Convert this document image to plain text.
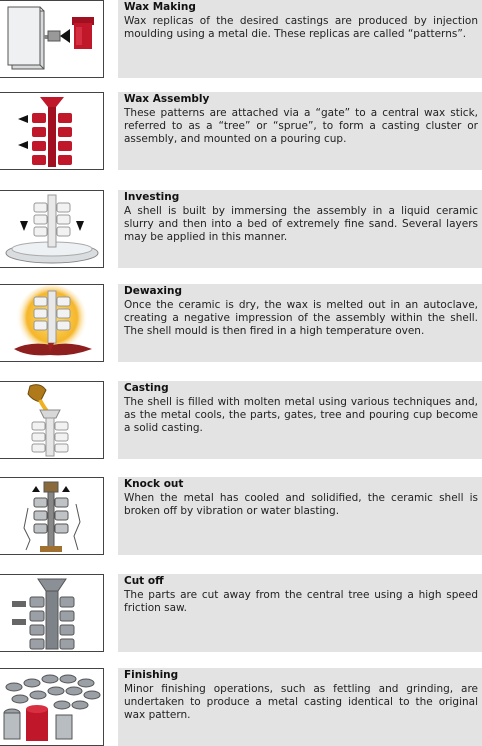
Wax Making
Wax replicas of the desired castings are produced by injection moulding using a metal die. These replicas are called “patterns”.
Wax Assembly
These patterns are attached via a “gate” to a central wax stick, referred to as a “tree” or “sprue”, to form a casting cluster or assembly, and mounted on a pouring cup.
Investing
A shell is built by immersing the assembly in a liquid ceramic slurry and then into a bed of extremely fine sand. Several layers may be applied in this manner.
Dewaxing
Once the ceramic is dry, the wax is melted out in an autoclave, creating a negative impression of the assembly within the shell. The shell mould is then fired in a high temperature oven.
Casting
The shell is filled with molten metal using various techniques and, as the metal cools, the parts, gates, tree and pouring cup become a solid casting.
Knock out
When the metal has cooled and solidified, the ceramic shell is broken off by vibration or water blasting.
Cut off
The parts are cut away from the central tree using a high speed friction saw.
Finishing
Minor finishing operations, such as fettling and grinding, are undertaken to produce a metal casting identical to the original wax pattern.
